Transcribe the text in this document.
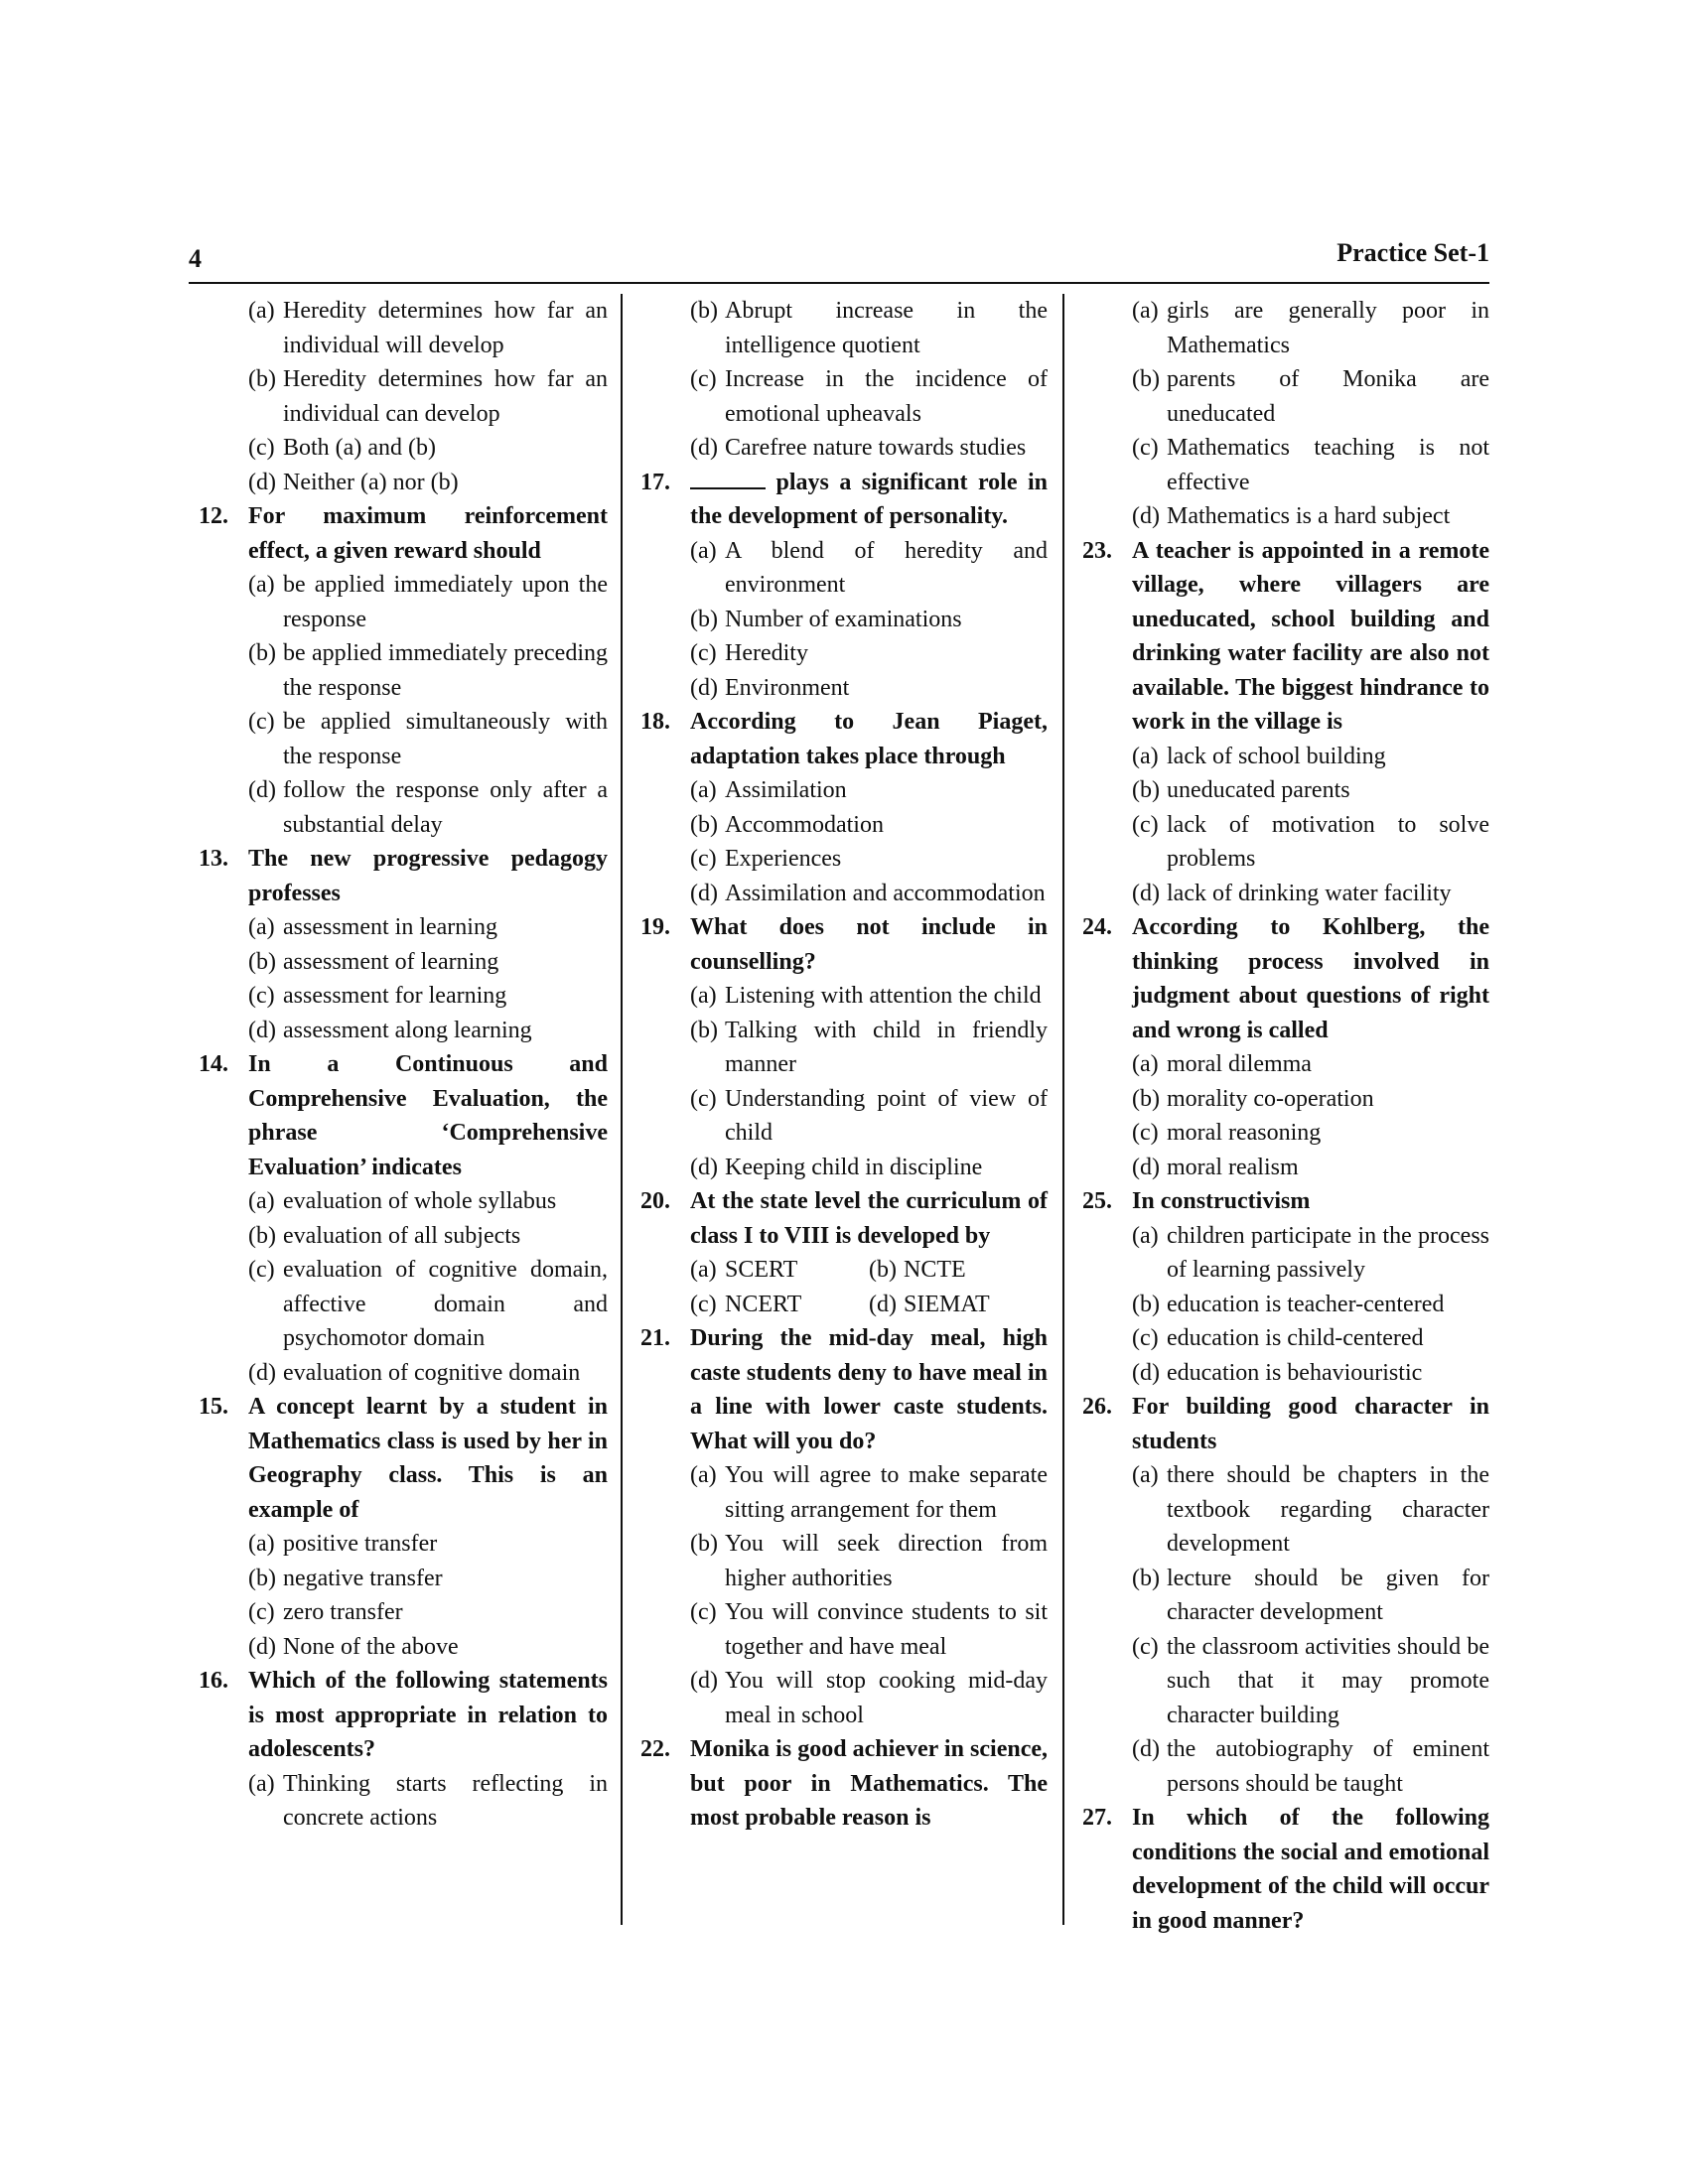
4	Practice Set-1
(a) Heredity determines how far an individual will develop
(b) Heredity determines how far an individual can develop
(c) Both (a) and (b)
(d) Neither (a) nor (b)
12. For maximum reinforcement effect, a given reward should
(a) be applied immediately upon the response
(b) be applied immediately preceding the response
(c) be applied simultaneously with the response
(d) follow the response only after a substantial delay
13. The new progressive pedagogy professes
(a) assessment in learning
(b) assessment of learning
(c) assessment for learning
(d) assessment along learning
14. In a Continuous and Comprehensive Evaluation, the phrase ‘Comprehensive Evaluation’ indicates
(a) evaluation of whole syllabus
(b) evaluation of all subjects
(c) evaluation of cognitive domain, affective domain and psychomotor domain
(d) evaluation of cognitive domain
15. A concept learnt by a student in Mathematics class is used by her in Geography class. This is an example of
(a) positive transfer
(b) negative transfer
(c) zero transfer
(d) None of the above
16. Which of the following statements is most appropriate in relation to adolescents?
(a) Thinking starts reflecting in concrete actions
(b) Abrupt increase in the intelligence quotient
(c) Increase in the incidence of emotional upheavals
(d) Carefree nature towards studies
17.	plays a significant role in the development of personality.
(a) A blend of heredity and environment
(b) Number of examinations
(c) Heredity
(d) Environment
18. According to Jean Piaget, adaptation takes place through
(a) Assimilation
(b) Accommodation
(c) Experiences
(d) Assimilation and accommodation
19. What does not include in counselling?
(a) Listening with attention the child
(b) Talking with child in friendly manner
(c) Understanding point of view of child
(d) Keeping child in discipline
20. At the state level the curriculum of class I to VIII is developed by
(a) SCERT	(b) NCTE
(c) NCERT	(d) SIEMAT
21. During the mid-day meal, high caste students deny to have meal in a line with lower caste students. What will you do?
(a) You will agree to make separate sitting arrangement for them
(b) You will seek direction from higher authorities
(c) You will convince students to sit together and have meal
(d) You will stop cooking mid-day meal in school
22. Monika is good achiever in science, but poor in Mathematics. The most probable reason is
(a) girls are generally poor in Mathematics
(b) parents of Monika are uneducated
(c) Mathematics teaching is not effective
(d) Mathematics is a hard subject
23. A teacher is appointed in a remote village, where villagers are uneducated, school building and drinking water facility are also not available. The biggest hindrance to work in the village is
(a) lack of school building
(b) uneducated parents
(c) lack of motivation to solve problems
(d) lack of drinking water facility
24. According to Kohlberg, the thinking process involved in judgment about questions of right and wrong is called
(a) moral dilemma
(b) morality co-operation
(c) moral reasoning
(d) moral realism
25. In constructivism
(a) children participate in the process of learning passively
(b) education is teacher-centered
(c) education is child-centered
(d) education is behaviouristic
26. For building good character in students
(a) there should be chapters in the textbook regarding character development
(b) lecture should be given for character development
(c) the classroom activities should be such that it may promote character building
(d) the autobiography of eminent persons should be taught
27. In which of the following conditions the social and emotional development of the child will occur in good manner?
